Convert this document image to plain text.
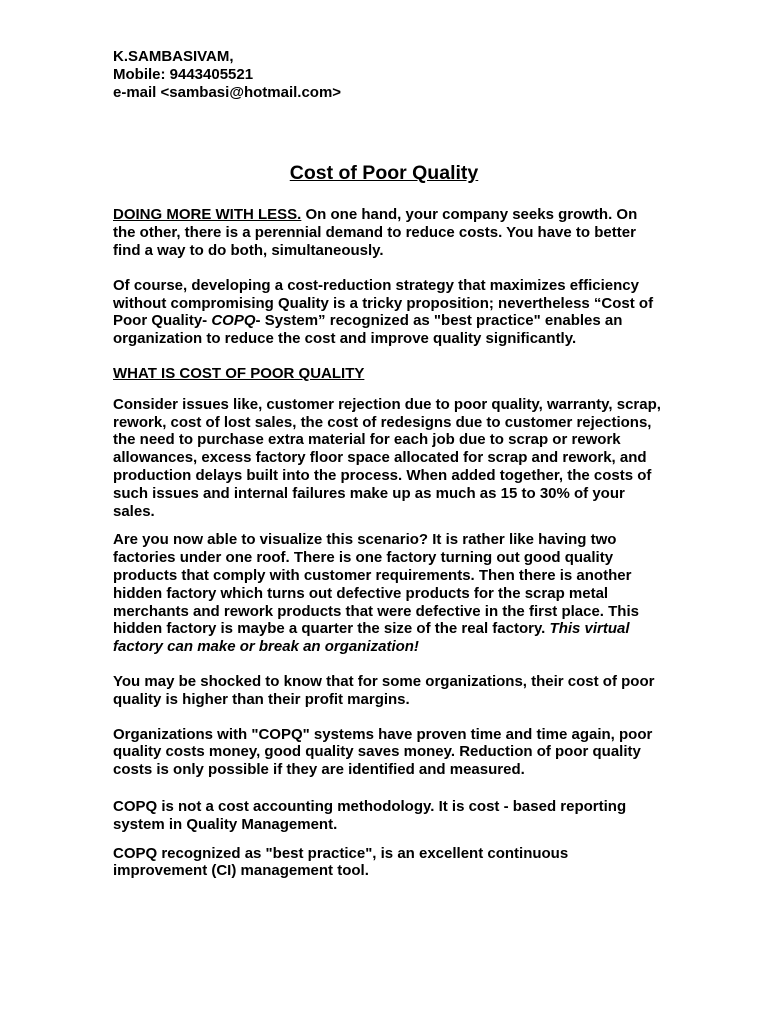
K.SAMBASIVAM,

Mobile: 9443405521

e-mail <sambasi@hotmail.com>

Cost of Poor Quality

DOING MORE WITH LESS. On one hand, your company seeks growth. On the other, there is a perennial demand to reduce costs. You have to better find a way to do both, simultaneously.

Of course, developing a cost-reduction strategy that maximizes efficiency without compromising Quality is a tricky proposition; nevertheless “Cost of Poor Quality- COPQ- System” recognized as "best practice" enables an organization to reduce the cost and improve quality significantly.

WHAT IS COST OF POOR QUALITY

Consider issues like, customer rejection due to poor quality, warranty, scrap, rework, cost of lost sales, the cost of redesigns due to customer rejections, the need to purchase extra material for each job due to scrap or rework allowances, excess factory floor space allocated for scrap and rework, and production delays built into the process. When added together, the costs of such issues and internal failures make up as much as 15 to 30% of your sales.

Are you now able to visualize this scenario? It is rather like having two factories under one roof. There is one factory turning out good quality products that comply with customer requirements. Then there is another hidden factory which turns out defective products for the scrap metal merchants and rework products that were defective in the first place. This hidden factory is maybe a quarter the size of the real factory. This virtual factory can make or break an organization!

You may be shocked to know that for some organizations, their cost of poor quality is higher than their profit margins.

Organizations with "COPQ" systems have proven time and time again, poor quality costs money, good quality saves money. Reduction of poor quality costs is only possible if they are identified and measured.

COPQ is not a cost accounting methodology. It is cost - based reporting system in Quality Management.

COPQ recognized as "best practice", is an excellent continuous improvement (CI) management tool.
